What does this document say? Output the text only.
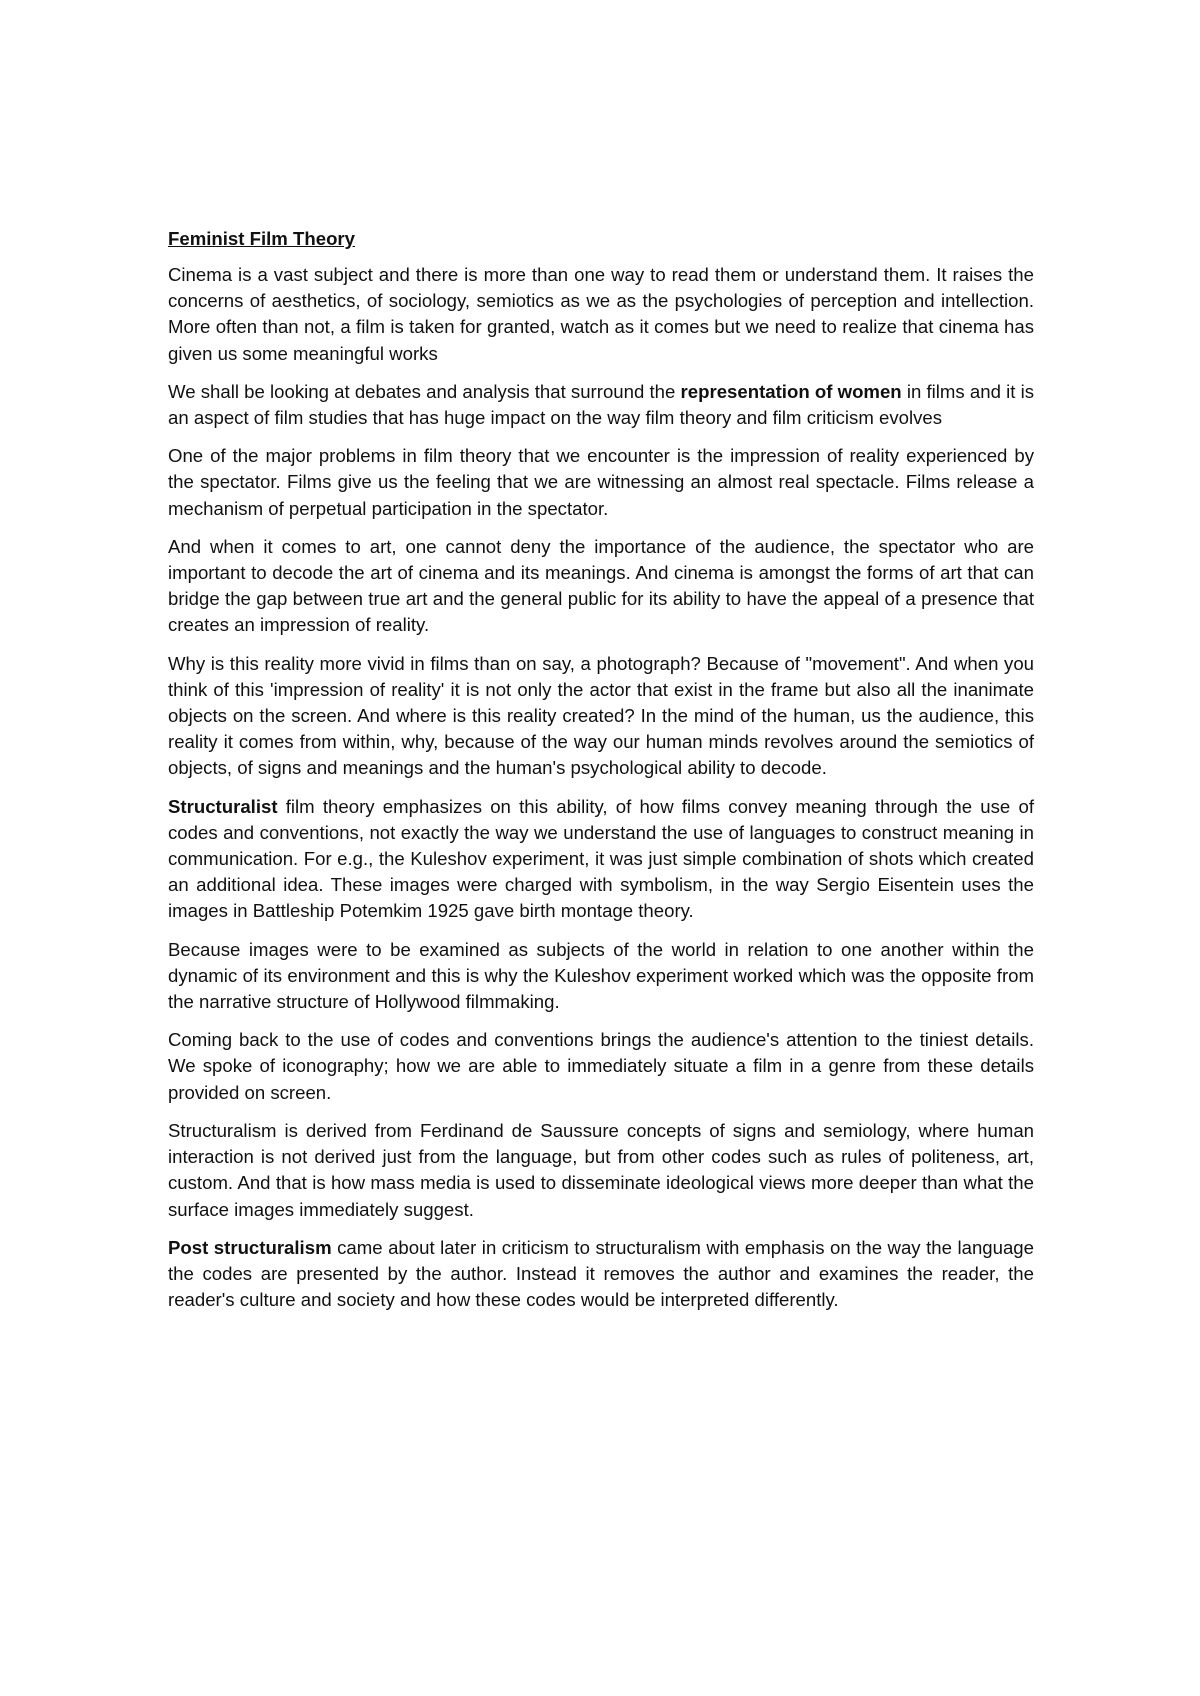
Feminist Film Theory

Cinema is a vast subject and there is more than one way to read them or understand them. It raises the concerns of aesthetics, of sociology, semiotics as we as the psychologies of perception and intellection. More often than not, a film is taken for granted, watch as it comes but we need to realize that cinema has given us some meaningful works

We shall be looking at debates and analysis that surround the representation of women in films and it is an aspect of film studies that has huge impact on the way film theory and film criticism evolves

One of the major problems in film theory that we encounter is the impression of reality experienced by the spectator. Films give us the feeling that we are witnessing an almost real spectacle. Films release a mechanism of perpetual participation in the spectator.

And when it comes to art, one cannot deny the importance of the audience, the spectator who are important to decode the art of cinema and its meanings. And cinema is amongst the forms of art that can bridge the gap between true art and the general public for its ability to have the appeal of a presence that creates an impression of reality.

Why is this reality more vivid in films than on say, a photograph? Because of "movement". And when you think of this 'impression of reality' it is not only the actor that exist in the frame but also all the inanimate objects on the screen. And where is this reality created? In the mind of the human, us the audience, this reality it comes from within, why, because of the way our human minds revolves around the semiotics of objects, of signs and meanings and the human's psychological ability to decode.

Structuralist film theory emphasizes on this ability, of how films convey meaning through the use of codes and conventions, not exactly the way we understand the use of languages to construct meaning in communication. For e.g., the Kuleshov experiment, it was just simple combination of shots which created an additional idea. These images were charged with symbolism, in the way Sergio Eisentein uses the images in Battleship Potemkim 1925 gave birth montage theory.

Because images were to be examined as subjects of the world in relation to one another within the dynamic of its environment and this is why the Kuleshov experiment worked which was the opposite from the narrative structure of Hollywood filmmaking.

Coming back to the use of codes and conventions brings the audience's attention to the tiniest details. We spoke of iconography; how we are able to immediately situate a film in a genre from these details provided on screen.

Structuralism is derived from Ferdinand de Saussure concepts of signs and semiology, where human interaction is not derived just from the language, but from other codes such as rules of politeness, art, custom. And that is how mass media is used to disseminate ideological views more deeper than what the surface images immediately suggest.

Post structuralism came about later in criticism to structuralism with emphasis on the way the language the codes are presented by the author. Instead it removes the author and examines the reader, the reader's culture and society and how these codes would be interpreted differently.
